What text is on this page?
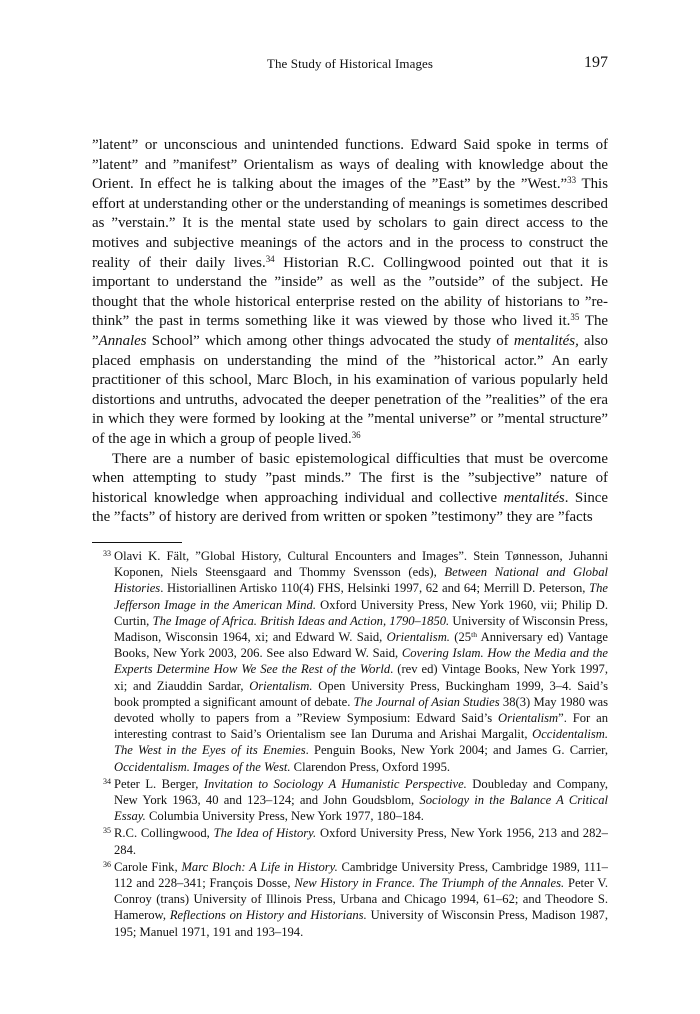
The Study of Historical Images	197

”latent” or unconscious and unintended functions. Edward Said spoke in terms of ”latent” and ”manifest” Orientalism as ways of dealing with knowledge about the Orient. In effect he is talking about the images of the ”East” by the ”West.”$^{33}$ This effort at understanding other or the understanding of meanings is sometimes described as ”verstain.” It is the mental state used by scholars to gain direct access to the motives and subjective meanings of the actors and in the process to construct the reality of their daily lives.$^{34}$ Historian R.C. Collingwood pointed out that it is important to understand the ”inside” as well as the ”outside” of the subject. He thought that the whole historical enterprise rested on the ability of historians to ”re-think” the past in terms something like it was viewed by those who lived it.$^{35}$ The ”Annales School” which among other things advocated the study of mentalités, also placed emphasis on understanding the mind of the ”historical actor.” An early practitioner of this school, Marc Bloch, in his examination of various popularly held distortions and untruths, advocated the deeper penetration of the ”realities” of the era in which they were formed by looking at the ”mental universe” or ”mental structure” of the age in which a group of people lived.$^{36}$

There are a number of basic epistemological difficulties that must be overcome when attempting to study ”past minds.” The first is the ”subjective” nature of historical knowledge when approaching individual and collective mentalités. Since the ”facts” of history are derived from written or spoken ”testimony” they are ”facts

33 Olavi K. Fält, ”Global History, Cultural Encounters and Images”. Stein Tønnesson, Juhanni Koponen, Niels Steensgaard and Thommy Svensson (eds), Between National and Global Histories. Historiallinen Artisko 110(4) FHS, Helsinki 1997, 62 and 64; Merrill D. Peterson, The Jefferson Image in the American Mind. Oxford University Press, New York 1960, vii; Philip D. Curtin, The Image of Africa. British Ideas and Action, 1790–1850. University of Wisconsin Press, Madison, Wisconsin 1964, xi; and Edward W. Said, Orientalism. (25th Anniversary ed) Vantage Books, New York 2003, 206. See also Edward W. Said, Covering Islam. How the Media and the Experts Determine How We See the Rest of the World. (rev ed) Vintage Books, New York 1997, xi; and Ziauddin Sardar, Orientalism. Open University Press, Buckingham 1999, 3–4. Said’s book prompted a significant amount of debate. The Journal of Asian Studies 38(3) May 1980 was devoted wholly to papers from a ”Review Symposium: Edward Said’s Orientalism”. For an interesting contrast to Said’s Orientalism see Ian Duruma and Arishai Margalit, Occidentalism. The West in the Eyes of its Enemies. Penguin Books, New York 2004; and James G. Carrier, Occidentalism. Images of the West. Clarendon Press, Oxford 1995.
34 Peter L. Berger, Invitation to Sociology A Humanistic Perspective. Doubleday and Company, New York 1963, 40 and 123–124; and John Goudsblom, Sociology in the Balance A Critical Essay. Columbia University Press, New York 1977, 180–184.
35 R.C. Collingwood, The Idea of History. Oxford University Press, New York 1956, 213 and 282–284.
36 Carole Fink, Marc Bloch: A Life in History. Cambridge University Press, Cambridge 1989, 111–112 and 228–341; François Dosse, New History in France. The Triumph of the Annales. Peter V. Conroy (trans) University of Illinois Press, Urbana and Chicago 1994, 61–62; and Theodore S. Hamerow, Reflections on History and Historians. University of Wisconsin Press, Madison 1987, 195; Manuel 1971, 191 and 193–194.
